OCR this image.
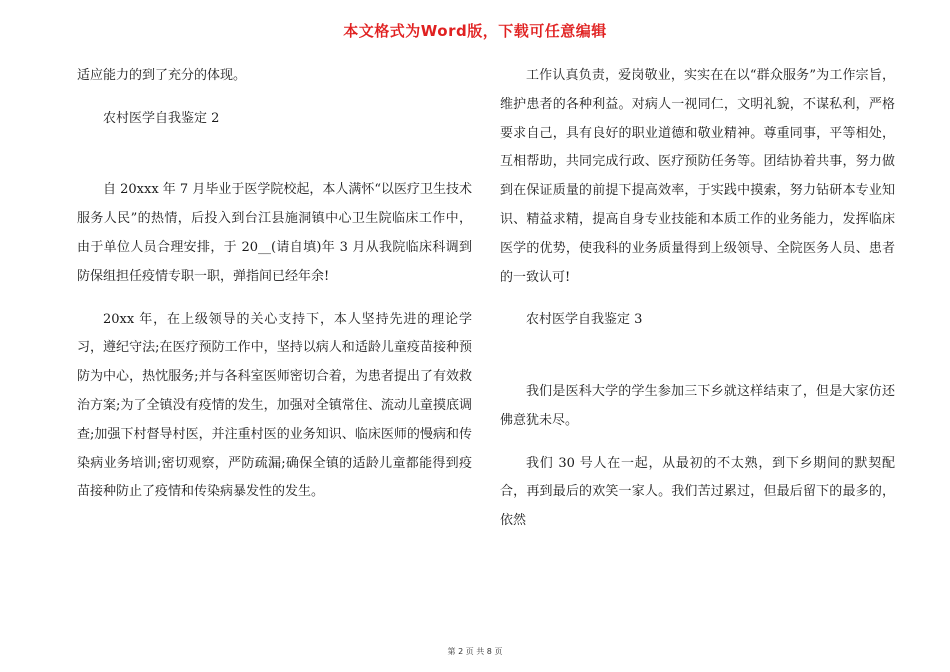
本文格式为Word版，下载可任意编辑

适应能力的到了充分的体现。

农村医学自我鉴定 2

自 20xxx 年 7 月毕业于医学院校起，本人满怀“以医疗卫生技术服务人民”的热情，后投入到台江县施洞镇中心卫生院临床工作中，由于单位人员合理安排，于 20__(请自填)年 3 月从我院临床科调到防保组担任疫情专职一职，弹指间已经年余!

20xx 年，在上级领导的关心支持下，本人坚持先进的理论学习，遵纪守法;在医疗预防工作中，坚持以病人和适龄儿童疫苗接种预防为中心，热忱服务;并与各科室医师密切合着，为患者提出了有效救治方案;为了全镇没有疫情的发生，加强对全镇常住、流动儿童摸底调查;加强下村督导村医，并注重村医的业务知识、临床医师的慢病和传染病业务培训;密切观察，严防疏漏;确保全镇的适龄儿童都能得到疫苗接种防止了疫情和传染病暴发性的发生。

工作认真负责，爱岗敬业，实实在在以“群众服务”为工作宗旨，维护患者的各种利益。对病人一视同仁，文明礼貌，不谋私利，严格要求自己，具有良好的职业道德和敬业精神。尊重同事，平等相处，互相帮助，共同完成行政、医疗预防任务等。团结协着共事，努力做到在保证质量的前提下提高效率，于实践中摸索，努力钻研本专业知识、精益求精，提高自身专业技能和本质工作的业务能力，发挥临床医学的优势，使我科的业务质量得到上级领导、全院医务人员、患者的一致认可!

农村医学自我鉴定 3

我们是医科大学的学生参加三下乡就这样结束了，但是大家仿还佛意犹未尽。

我们 30 号人在一起，从最初的不太熟，到下乡期间的默契配合，再到最后的欢笑一家人。我们苦过累过，但最后留下的最多的，依然

第 2 页 共 8 页
